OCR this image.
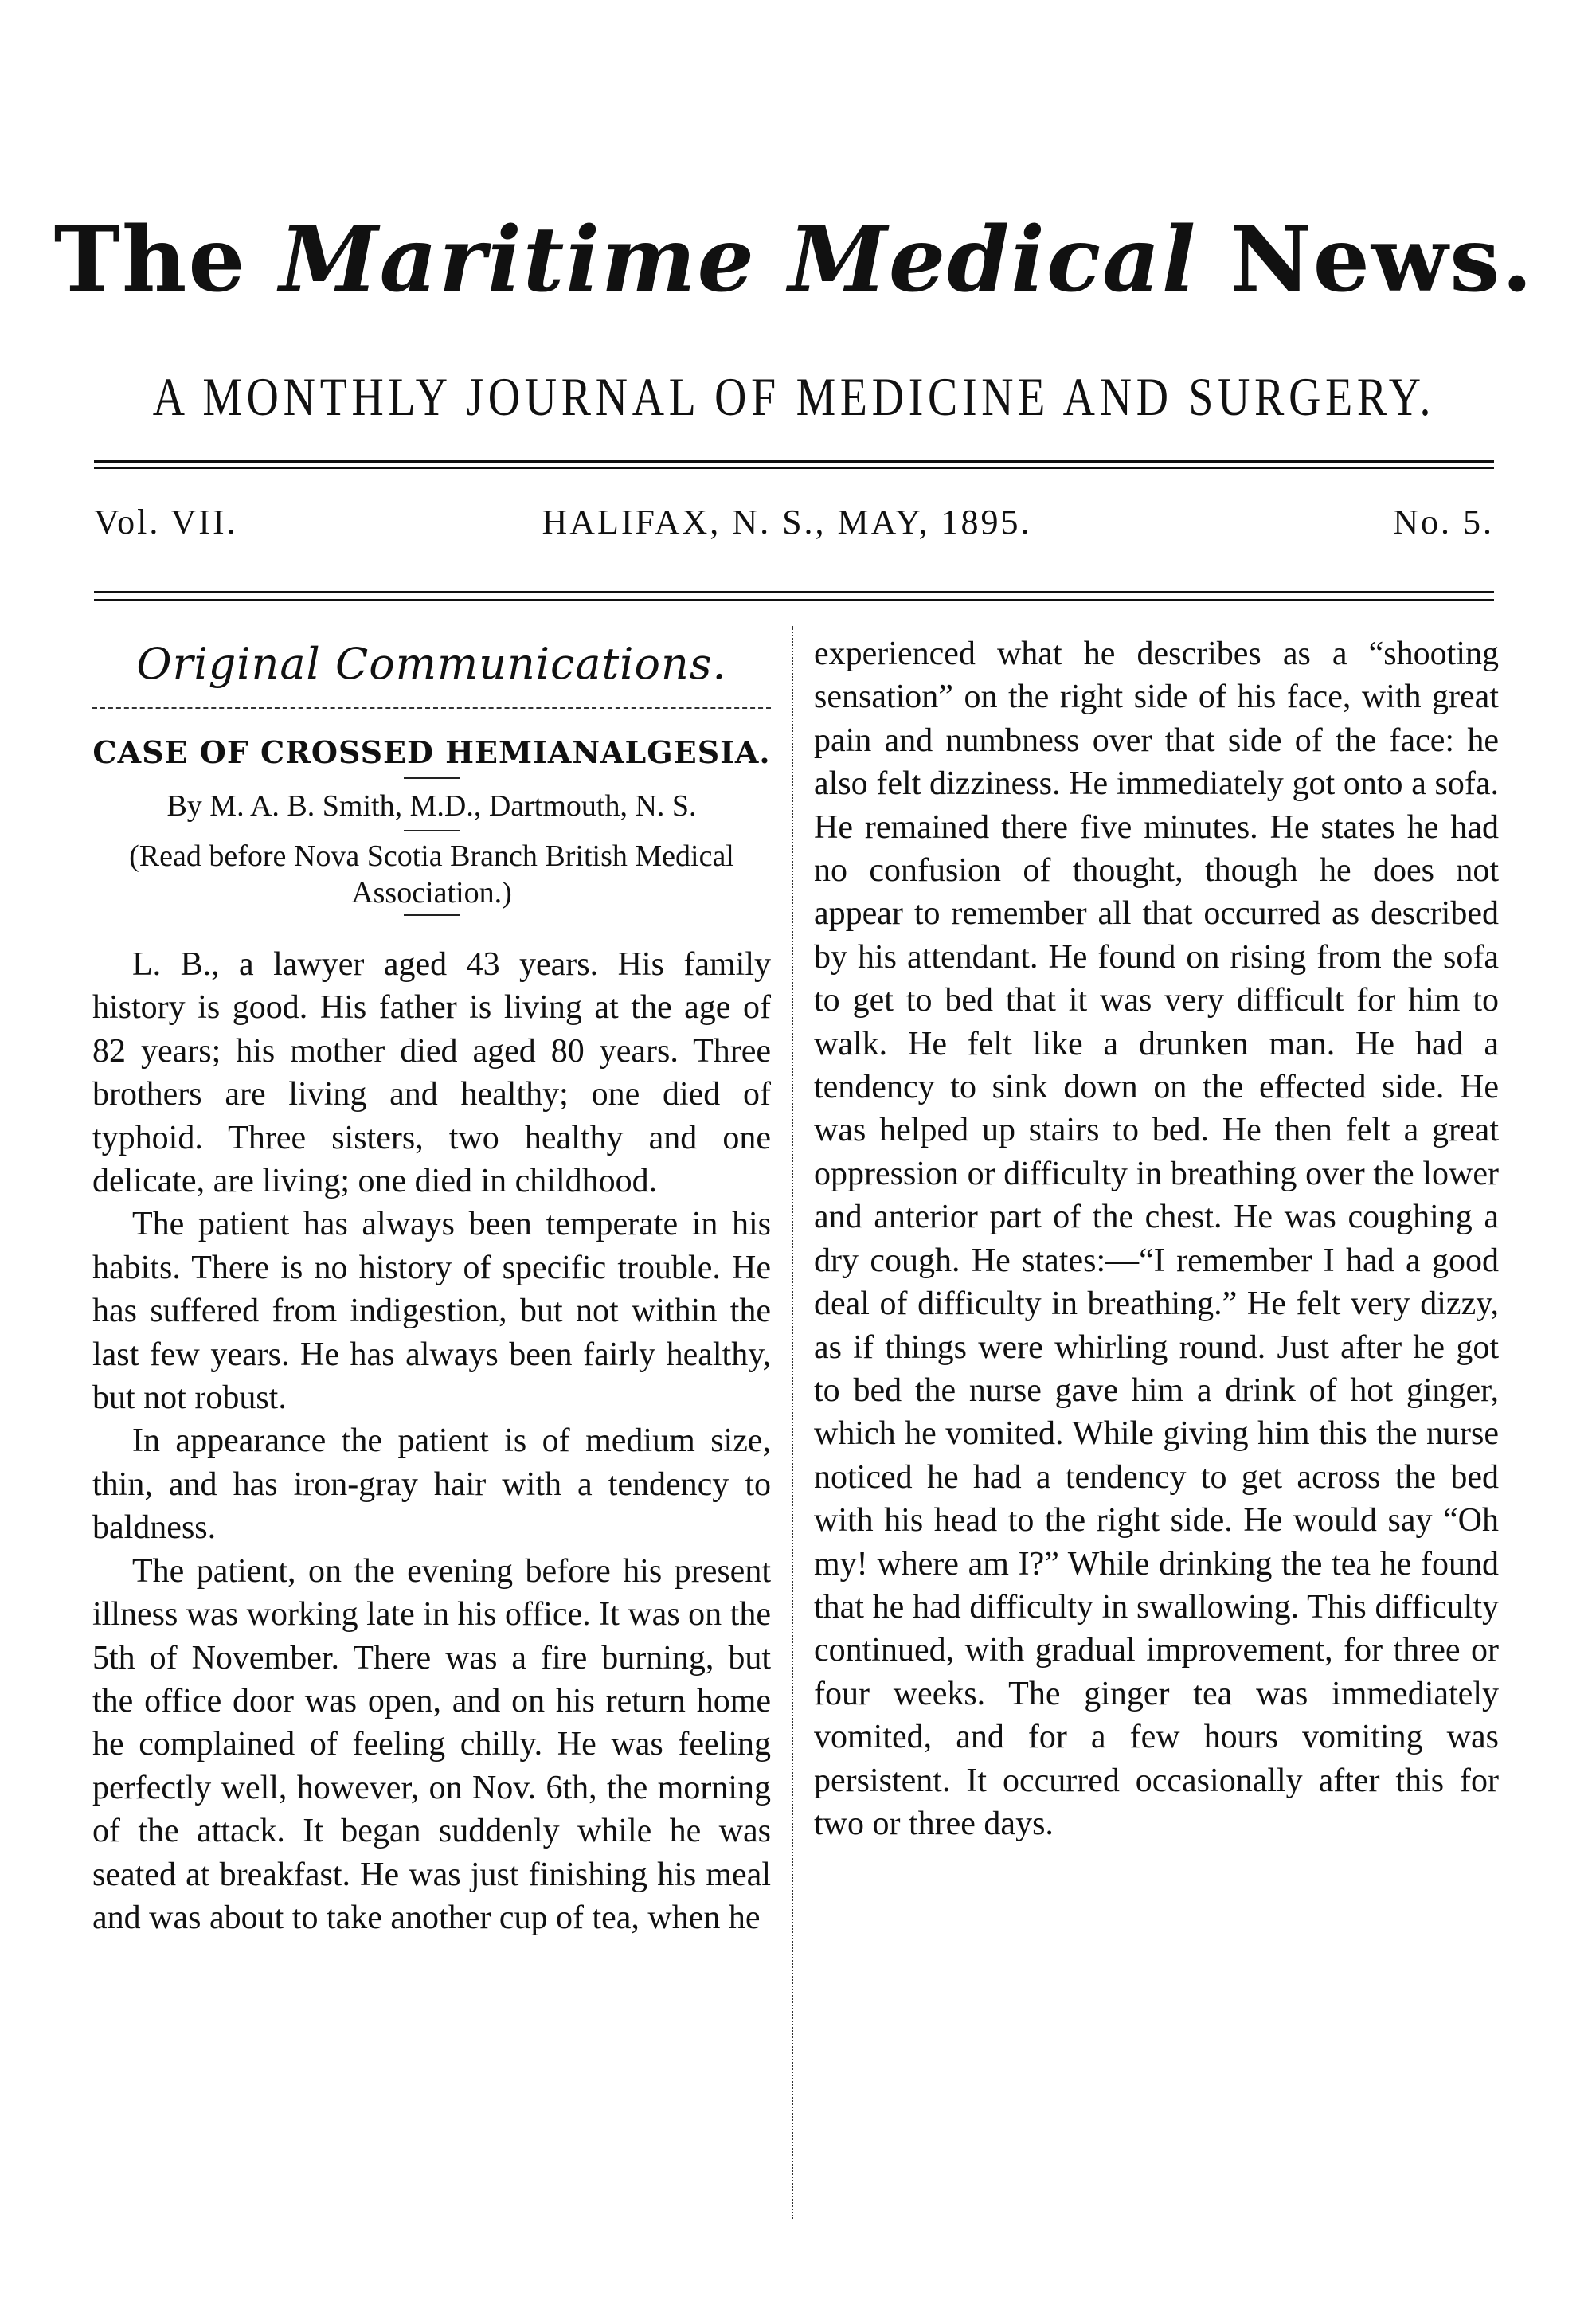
The Maritime Medical News.
A MONTHLY JOURNAL OF MEDICINE AND SURGERY.
Vol. VII.	HALIFAX, N. S., MAY, 1895.	No. 5.
Original Communications.
CASE OF CROSSED HEMIANALGESIA.
By M. A. B. Smith, M.D., Dartmouth, N. S.
(Read before Nova Scotia Branch British Medical Association.)

L. B., a lawyer aged 43 years. His family history is good. His father is living at the age of 82 years; his mother died aged 80 years. Three brothers are living and healthy; one died of typhoid. Three sisters, two healthy and one delicate, are living; one died in childhood.

The patient has always been temperate in his habits. There is no history of specific trouble. He has suffered from indigestion, but not within the last few years. He has always been fairly healthy, but not robust.

In appearance the patient is of medium size, thin, and has iron-gray hair with a tendency to baldness.

The patient, on the evening before his present illness was working late in his office. It was on the 5th of November. There was a fire burning, but the office door was open, and on his return home he complained of feeling chilly. He was feeling perfectly well, however, on Nov. 6th, the morning of the attack. It began suddenly while he was seated at breakfast. He was just finishing his meal and was about to take another cup of tea, when he

experienced what he describes as a “shooting sensation” on the right side of his face, with great pain and numbness over that side of the face: he also felt dizziness. He immediately got onto a sofa. He remained there five minutes. He states he had no confusion of thought, though he does not appear to remember all that occurred as described by his attendant. He found on rising from the sofa to get to bed that it was very difficult for him to walk. He felt like a drunken man. He had a tendency to sink down on the effected side. He was helped up stairs to bed. He then felt a great oppression or difficulty in breathing over the lower and anterior part of the chest. He was coughing a dry cough. He states:—“I remember I had a good deal of difficulty in breathing.” He felt very dizzy, as if things were whirling round. Just after he got to bed the nurse gave him a drink of hot ginger, which he vomited. While giving him this the nurse noticed he had a tendency to get across the bed with his head to the right side. He would say “Oh my! where am I?” While drinking the tea he found that he had difficulty in swallowing. This difficulty continued, with gradual improvement, for three or four weeks. The ginger tea was immediately vomited, and for a few hours vomiting was persistent. It occurred occasionally after this for two or three days.
